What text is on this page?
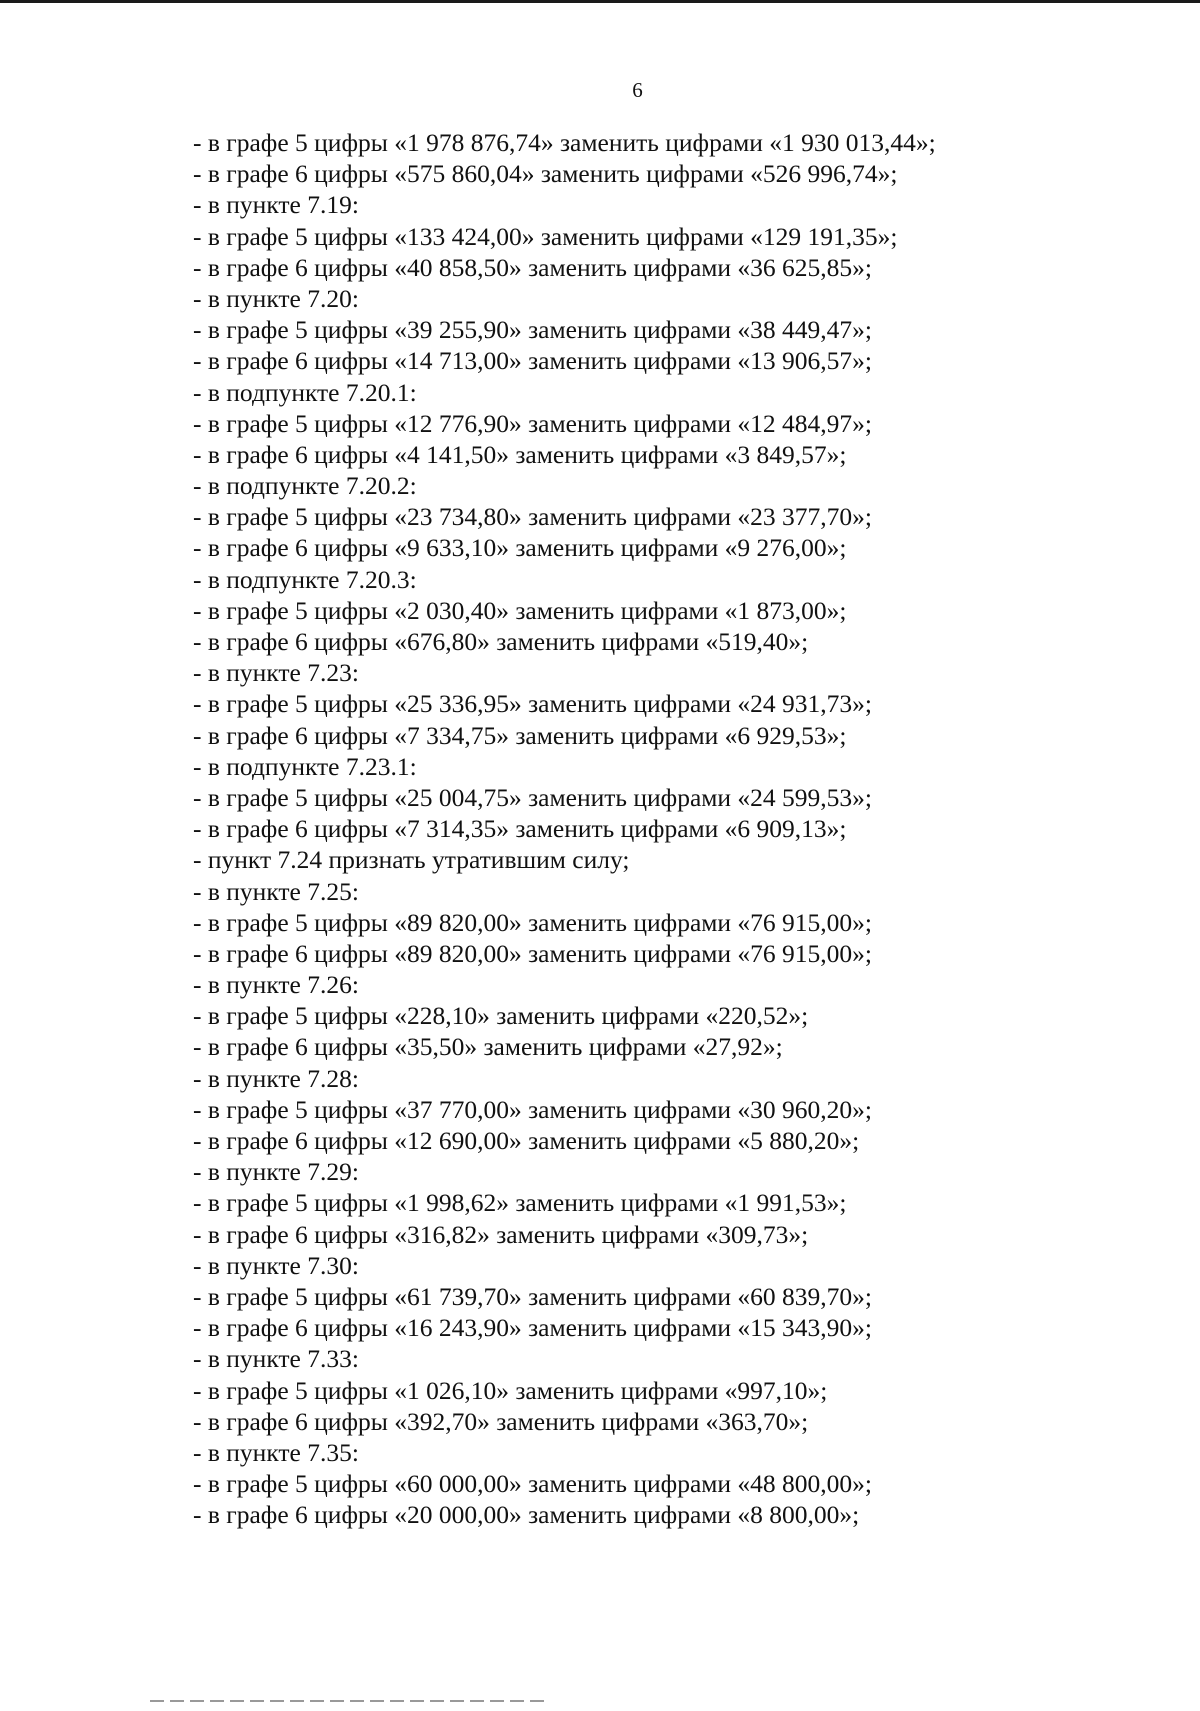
6
- в графе 5 цифры «1 978 876,74» заменить цифрами «1 930 013,44»;
- в графе 6 цифры «575 860,04» заменить цифрами «526 996,74»;
- в пункте 7.19:
- в графе 5 цифры «133 424,00» заменить цифрами «129 191,35»;
- в графе 6 цифры «40 858,50» заменить цифрами «36 625,85»;
- в пункте 7.20:
- в графе 5 цифры «39 255,90» заменить цифрами «38 449,47»;
- в графе 6 цифры «14 713,00» заменить цифрами «13 906,57»;
- в подпункте 7.20.1:
- в графе 5 цифры «12 776,90» заменить цифрами «12 484,97»;
- в графе 6 цифры «4 141,50» заменить цифрами «3 849,57»;
- в подпункте 7.20.2:
- в графе 5 цифры «23 734,80» заменить цифрами «23 377,70»;
- в графе 6 цифры «9 633,10» заменить цифрами «9 276,00»;
- в подпункте 7.20.3:
- в графе 5 цифры «2 030,40» заменить цифрами «1 873,00»;
- в графе 6 цифры «676,80» заменить цифрами «519,40»;
- в пункте 7.23:
- в графе 5 цифры «25 336,95» заменить цифрами «24 931,73»;
- в графе 6 цифры «7 334,75» заменить цифрами «6 929,53»;
- в подпункте 7.23.1:
- в графе 5 цифры «25 004,75» заменить цифрами «24 599,53»;
- в графе 6 цифры «7 314,35» заменить цифрами «6 909,13»;
- пункт 7.24 признать утратившим силу;
- в пункте 7.25:
- в графе 5 цифры «89 820,00» заменить цифрами «76 915,00»;
- в графе 6 цифры «89 820,00» заменить цифрами «76 915,00»;
- в пункте 7.26:
- в графе 5 цифры «228,10» заменить цифрами «220,52»;
- в графе 6 цифры «35,50» заменить цифрами «27,92»;
- в пункте 7.28:
- в графе 5 цифры «37 770,00» заменить цифрами «30 960,20»;
- в графе 6 цифры «12 690,00» заменить цифрами «5 880,20»;
- в пункте 7.29:
- в графе 5 цифры «1 998,62» заменить цифрами «1 991,53»;
- в графе 6 цифры «316,82» заменить цифрами «309,73»;
- в пункте 7.30:
- в графе 5 цифры «61 739,70» заменить цифрами «60 839,70»;
- в графе 6 цифры «16 243,90» заменить цифрами «15 343,90»;
- в пункте 7.33:
- в графе 5 цифры «1 026,10» заменить цифрами «997,10»;
- в графе 6 цифры «392,70» заменить цифрами «363,70»;
- в пункте 7.35:
- в графе 5 цифры «60 000,00» заменить цифрами «48 800,00»;
- в графе 6 цифры «20 000,00» заменить цифрами «8 800,00»;
